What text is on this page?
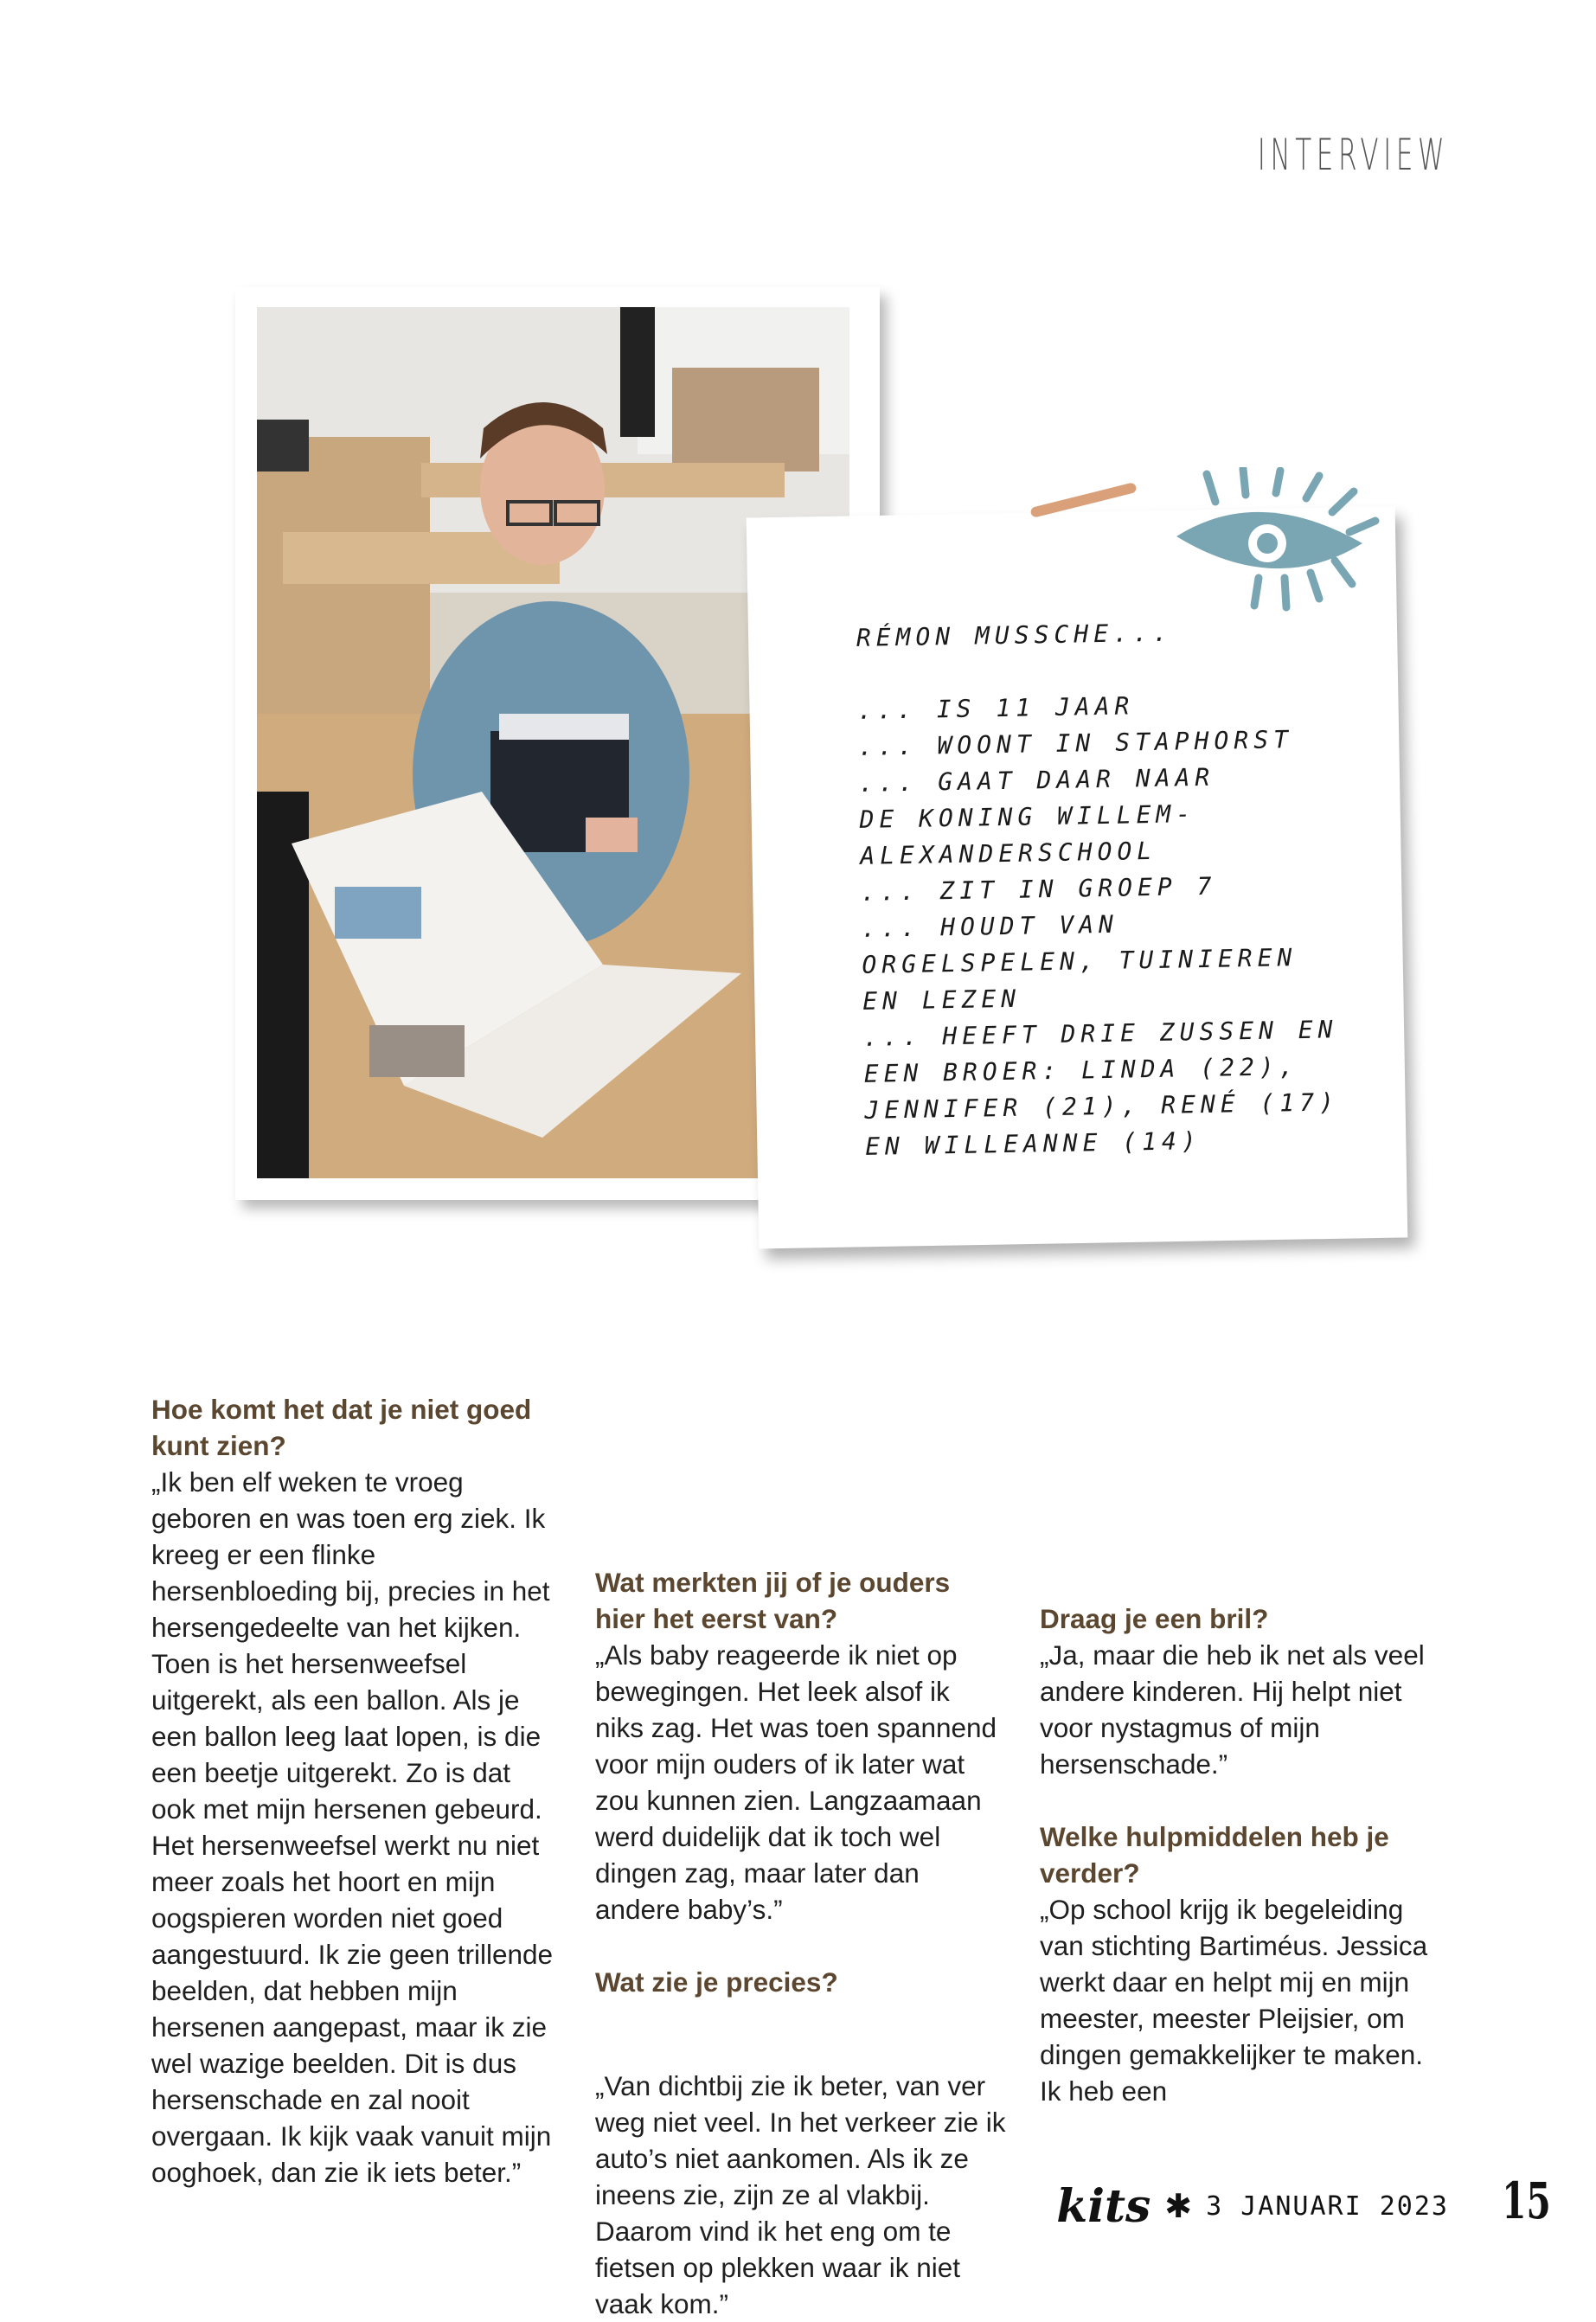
INTERVIEW
RÉMON MUSSCHE...
... IS 11 JAAR
... WOONT IN STAPHORST
... GAAT DAAR NAAR
DE KONING WILLEM-
ALEXANDERSCHOOL
... ZIT IN GROEP 7
... HOUDT VAN
ORGELSPELEN, TUINIEREN
EN LEZEN
... HEEFT DRIE ZUSSEN EN
EEN BROER: LINDA (22),
JENNIFER (21), RENÉ (17)
EN WILLEANNE (14)
Hoe komt het dat je niet goed kunt zien?
„Ik ben elf weken te vroeg geboren en was toen erg ziek. Ik kreeg er een flinke hersenbloeding bij, precies in het hersengedeelte van het kijken. Toen is het hersenweefsel uitgerekt, als een ballon. Als je een ballon leeg laat lopen, is die een beetje uitgerekt. Zo is dat ook met mijn hersenen gebeurd. Het hersenweefsel werkt nu niet meer zoals het hoort en mijn oogspieren worden niet goed aangestuurd. Ik zie geen trillende beelden, dat hebben mijn hersenen aangepast, maar ik zie wel wazige beelden. Dit is dus hersenschade en zal nooit overgaan. Ik kijk vaak vanuit mijn ooghoek, dan zie ik iets beter.”
Wat merkten jij of je ouders hier het eerst van?
„Als baby reageerde ik niet op bewegingen. Het leek alsof ik niks zag. Het was toen spannend voor mijn ouders of ik later wat zou kunnen zien. Langzaamaan werd duidelijk dat ik toch wel dingen zag, maar later dan andere baby’s.”
Wat zie je precies?
Draag je een bril?
„Ja, maar die heb ik net als veel andere kinderen. Hij helpt niet voor nystagmus of mijn hersenschade.”
Welke hulpmiddelen heb je verder?
„Op school krijg ik begeleiding van stichting Bartiméus. Jessica werkt daar en helpt mij en mijn meester, meester Pleijsier, om dingen gemakkelijker te maken. Ik heb een
„Van dichtbij zie ik beter, van ver weg niet veel. In het verkeer zie ik auto’s niet aankomen. Als ik ze ineens zie, zijn ze al vlakbij. Daarom vind ik het eng om te fietsen op plekken waar ik niet vaak kom.”
kits ✱ 3 JANUARI 2023 15
